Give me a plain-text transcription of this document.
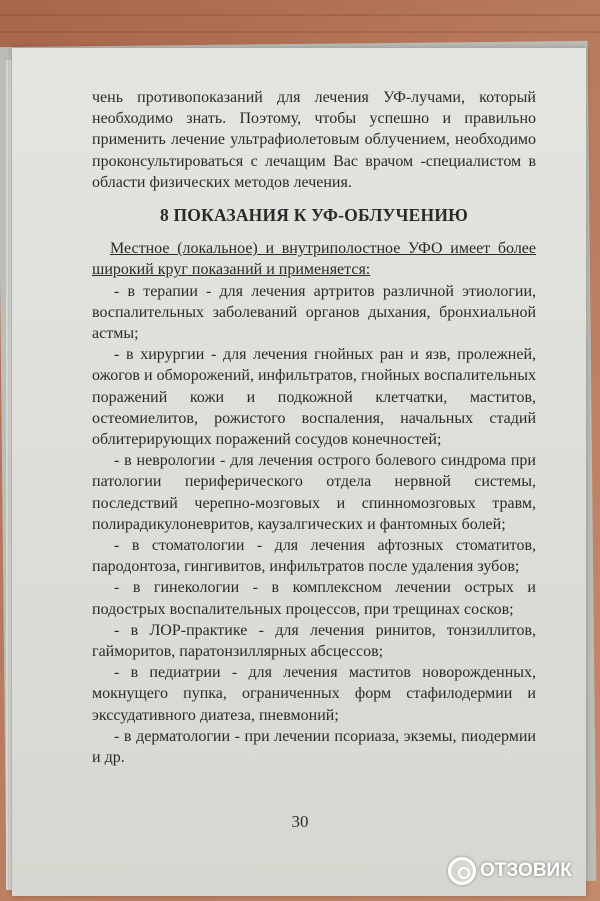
чень противопоказаний для лечения УФ-лучами, который необходимо знать. Поэтому, чтобы успешно и правильно применить лечение ультрафиолетовым облучением, необходимо проконсультироваться с лечащим Вас врачом -специалистом в области физических методов лечения.

8 ПОКАЗАНИЯ К УФ-ОБЛУЧЕНИЮ

Местное (локальное) и внутриполостное УФО имеет более широкий круг показаний и применяется:

- в терапии - для лечения артритов различной этиологии, воспалительных заболеваний органов дыхания, бронхиальной астмы;

- в хирургии - для лечения гнойных ран и язв, пролежней, ожогов и обморожений, инфильтратов, гнойных воспалительных поражений кожи и подкожной клетчатки, маститов, остеомиелитов, рожистого воспаления, начальных стадий облитерирующих поражений сосудов конечностей;

- в неврологии - для лечения острого болевого синдрома при патологии периферического отдела нервной системы, последствий черепно-мозговых и спинномозговых травм, полирадикулоневритов, каузалгических и фантомных болей;

- в стоматологии - для лечения афтозных стоматитов, пародонтоза, гингивитов, инфильтратов после удаления зубов;

- в гинекологии - в комплексном лечении острых и подострых воспалительных процессов, при трещинах сосков;

- в ЛОР-практике - для лечения ринитов, тонзиллитов, гайморитов, паратонзиллярных абсцессов;

- в педиатрии - для лечения маститов новорожденных, мокнущего пупка, ограниченных форм стафилодермии и экссудативного диатеза, пневмоний;

- в дерматологии - при лечении псориаза, экземы, пиодермии и др.

30
ОТЗОВИК
